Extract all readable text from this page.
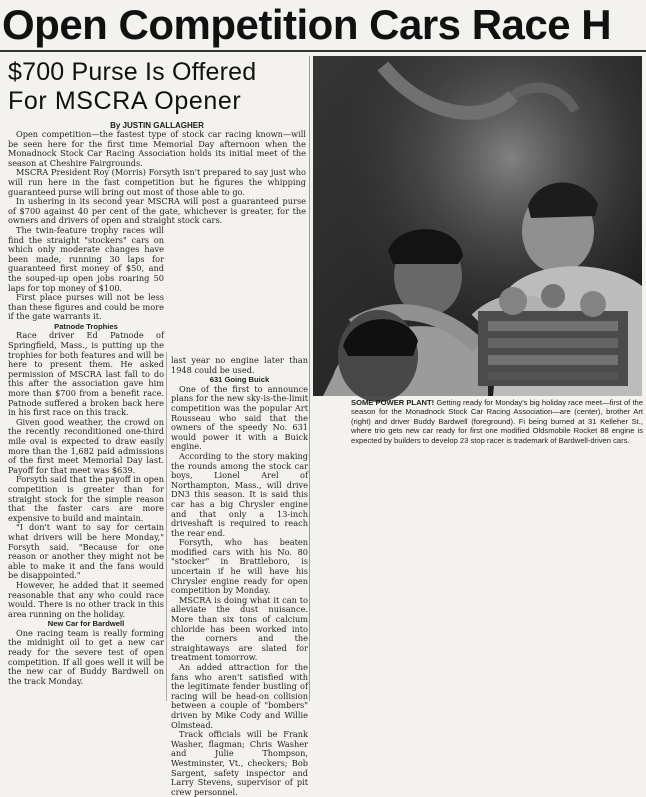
Open Competition Cars Race H
$700 Purse Is Offered
For MSCRA Opener
By JUSTIN GALLAGHER

Open competition—the fastest type of stock car racing known—will be seen here for the first time Memorial Day afternoon when the Monadnock Stock Car Racing Association holds its initial meet of the season at Cheshire Fairgrounds.

MSCRA President Roy (Morris) Forsyth isn't prepared to say just who will run here in the fast competition but he figures the whipping guaranteed purse will bring out most of those able to go.

In ushering in its second year MSCRA will post a guaranteed purse of $700 against 40 per cent of the gate, whichever is greater, for the owners and drivers of open and straight stock cars.

The twin-feature trophy races will find the straight "stockers" cars on which only moderate changes have been made, running 30 laps for guaranteed first money of $50, and the souped-up open jobs roaring 50 laps for top money of $100.

First place purses will not be less than these figures and could be more if the gate warrants it.

Patnode Trophies

Race driver Ed Patnode of Springfield, Mass., is putting up the trophies for both features and will be here to present them. He asked permission of MSCRA last fall to do this after the association gave him more than $700 from a benefit race. Patnode suffered a broken back here in his first race on this track.

Given good weather, the crowd on the recently reconditioned one-third mile oval is expected to draw easily more than the 1,682 paid admissions of the first meet Memorial Day last. Payoff for that meet was $639.

Forsyth said that the payoff in open competition is greater than for straight stock for the simple reason that the faster cars are more expensive to build and maintain.

"I don't want to say for certain what drivers will be here Monday," Forsyth said. "Because for one reason or another they might not be able to make it and the fans would be disappointed."

However, he added that it seemed reasonable that any who could race would. There is no other track in this area running on the holiday.

New Car for Bardwell

One racing team is really forming the midnight oil to get a new car ready for the severe test of open competition. If all goes well it will be the new car of Buddy Bardwell on the track Monday.

last year no engine later than 1948 could be used.

631 Going Buick

One of the first to announce plans for the new sky-is-the-limit competition was the popular Art Rousseau who said that the owners of the speedy No. 631 would power it with a Buick engine.

According to the story making the rounds among the stock car boys, Lionel Arel of Northampton, Mass., will drive DN3 this season. It is said this car has a big Chrysler engine and that only a 13-inch driveshaft is required to reach the rear end.

Forsyth, who has beaten modified cars with his No. 80 "stocker" in Brattleboro, is uncertain if he will have his Chrysler engine ready for open competition by Monday.

MSCRA is doing what it can to alleviate the dust nuisance. More than six tons of calcium chloride has been worked into the corners and the straightaways are slated for treatment tomorrow.

An added attraction for the fans who aren't satisfied with the legitimate fender bustling of racing will be head-on collision between a couple of "bombers" driven by Mike Cody and Willie Olmstead.

Track officials will be Frank Washer, flagman; Chris Washer and Julie Thompson, Westminster, Vt., checkers; Bob Sargent, safety inspector and Larry Stevens, supervisor of pit crew personnel.

SOME POWER PLANT! Getting ready for Monday's big holiday race meet—first of the season for the Monadnock Stock Car Racing Association—are (center), brother Art (right) and driver Buddy Bardwell (foreground). Fi being burned at 31 Kelleher St., where trio gets new car ready for first one modified Oldsmobile Rocket 88 engine is expected by builders to develop 23 stop racer is trademark of Bardwell-driven cars.
